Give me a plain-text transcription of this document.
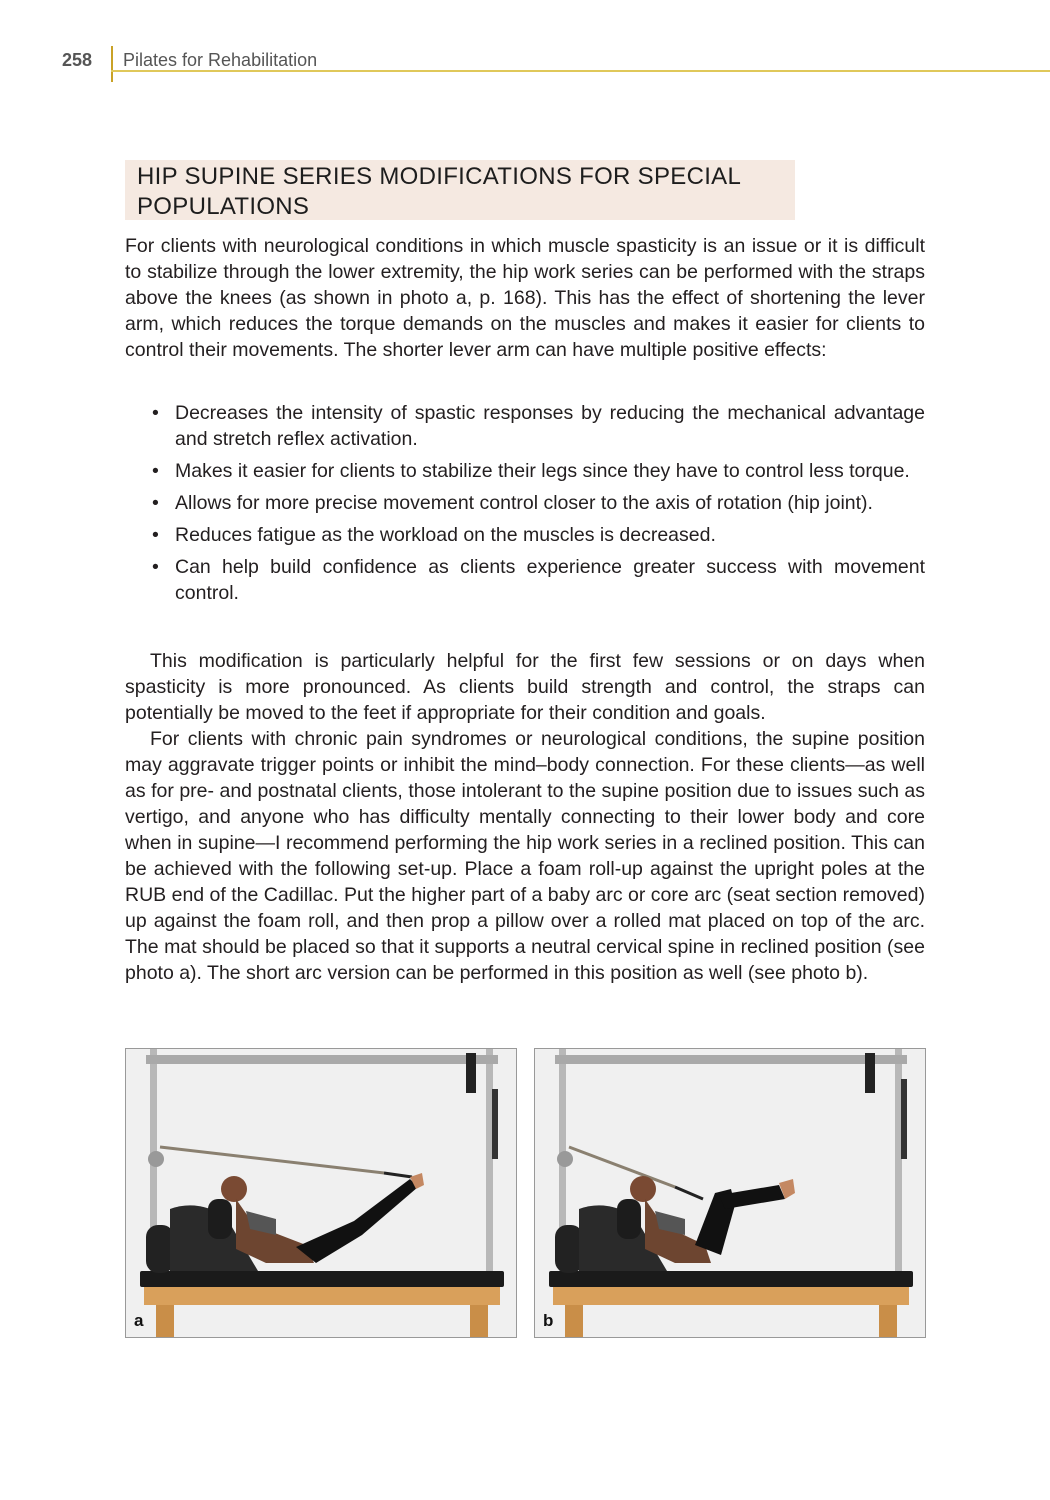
258 Pilates for Rehabilitation
HIP SUPINE SERIES MODIFICATIONS FOR SPECIAL POPULATIONS

For clients with neurological conditions in which muscle spasticity is an issue or it is difficult to stabilize through the lower extremity, the hip work series can be performed with the straps above the knees (as shown in photo a, p. 168). This has the effect of shortening the lever arm, which reduces the torque demands on the muscles and makes it easier for clients to control their movements. The shorter lever arm can have multiple positive effects:

• Decreases the intensity of spastic responses by reducing the mechanical advantage and stretch reflex activation.
• Makes it easier for clients to stabilize their legs since they have to control less torque.
• Allows for more precise movement control closer to the axis of rotation (hip joint).
• Reduces fatigue as the workload on the muscles is decreased.
• Can help build confidence as clients experience greater success with movement control.

This modification is particularly helpful for the first few sessions or on days when spasticity is more pronounced. As clients build strength and control, the straps can potentially be moved to the feet if appropriate for their condition and goals.

For clients with chronic pain syndromes or neurological conditions, the supine position may aggravate trigger points or inhibit the mind–body connection. For these clients—as well as for pre- and postnatal clients, those intolerant to the supine position due to issues such as vertigo, and anyone who has difficulty mentally connecting to their lower body and core when in supine—I recommend performing the hip work series in a reclined position. This can be achieved with the following set-up. Place a foam roll-up against the upright poles at the RUB end of the Cadillac. Put the higher part of a baby arc or core arc (seat section removed) up against the foam roll, and then prop a pillow over a rolled mat placed on top of the arc. The mat should be placed so that it supports a neutral cervical spine in reclined position (see photo a). The short arc version can be performed in this position as well (see photo b).

a	b
